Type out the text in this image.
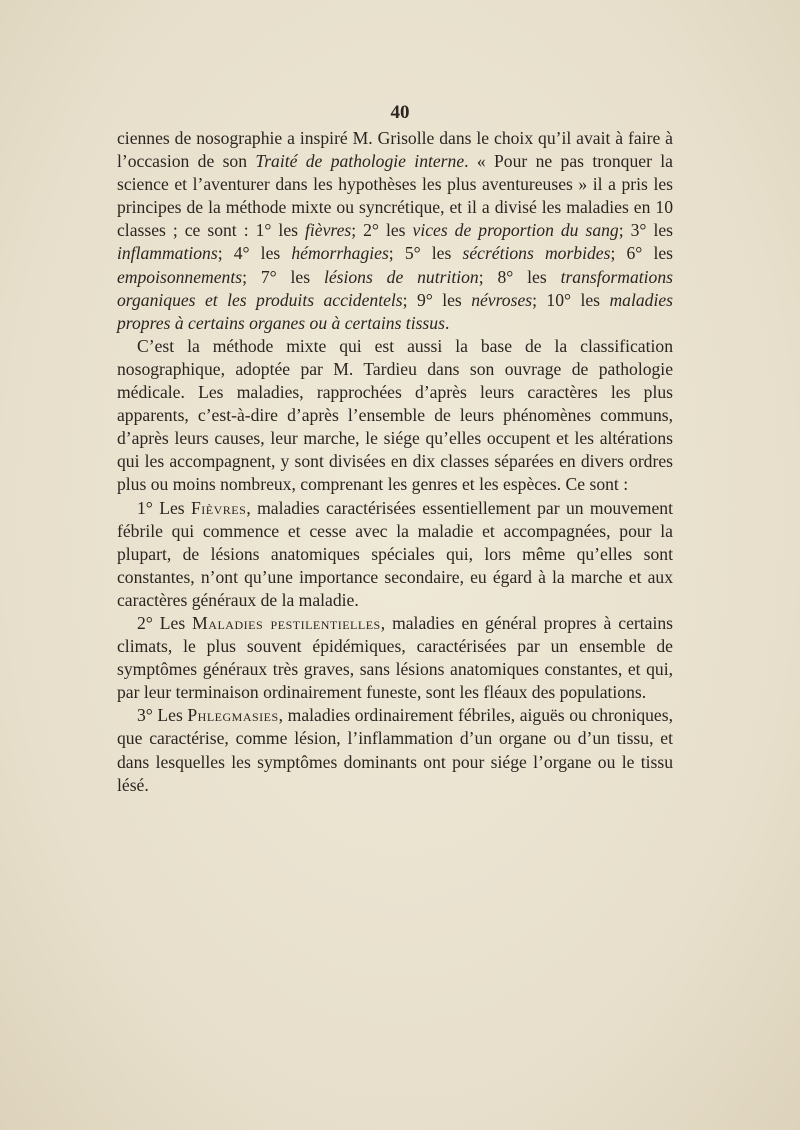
40

ciennes de nosographie a inspiré M. Grisolle dans le choix qu’il avait à faire à l’occasion de son Traité de pathologie interne. « Pour ne pas tronquer la science et l’aventurer dans les hypothèses les plus aventureuses » il a pris les principes de la méthode mixte ou syncrétique, et il a divisé les maladies en 10 classes ; ce sont : 1° les fièvres; 2° les vices de proportion du sang; 3° les inflammations; 4° les hémorrhagies; 5° les sécrétions morbides; 6° les empoisonnements; 7° les lésions de nutrition; 8° les transformations organiques et les produits accidentels; 9° les névroses; 10° les maladies propres à certains organes ou à certains tissus.

C’est la méthode mixte qui est aussi la base de la classification nosographique, adoptée par M. Tardieu dans son ouvrage de pathologie médicale. Les maladies, rapprochées d’après leurs caractères les plus apparents, c’est-à-dire d’après l’ensemble de leurs phénomènes communs, d’après leurs causes, leur marche, le siége qu’elles occupent et les altérations qui les accompagnent, y sont divisées en dix classes séparées en divers ordres plus ou moins nombreux, comprenant les genres et les espèces. Ce sont :

1° Les Fièvres, maladies caractérisées essentiellement par un mouvement fébrile qui commence et cesse avec la maladie et accompagnées, pour la plupart, de lésions anatomiques spéciales qui, lors même qu’elles sont constantes, n’ont qu’une importance secondaire, eu égard à la marche et aux caractères généraux de la maladie.

2° Les Maladies pestilentielles, maladies en général propres à certains climats, le plus souvent épidémiques, caractérisées par un ensemble de symptômes généraux très graves, sans lésions anatomiques constantes, et qui, par leur terminaison ordinairement funeste, sont les fléaux des populations.

3° Les Phlegmasies, maladies ordinairement fébriles, aiguës ou chroniques, que caractérise, comme lésion, l’inflammation d’un organe ou d’un tissu, et dans lesquelles les symptômes dominants ont pour siége l’organe ou le tissu lésé.
